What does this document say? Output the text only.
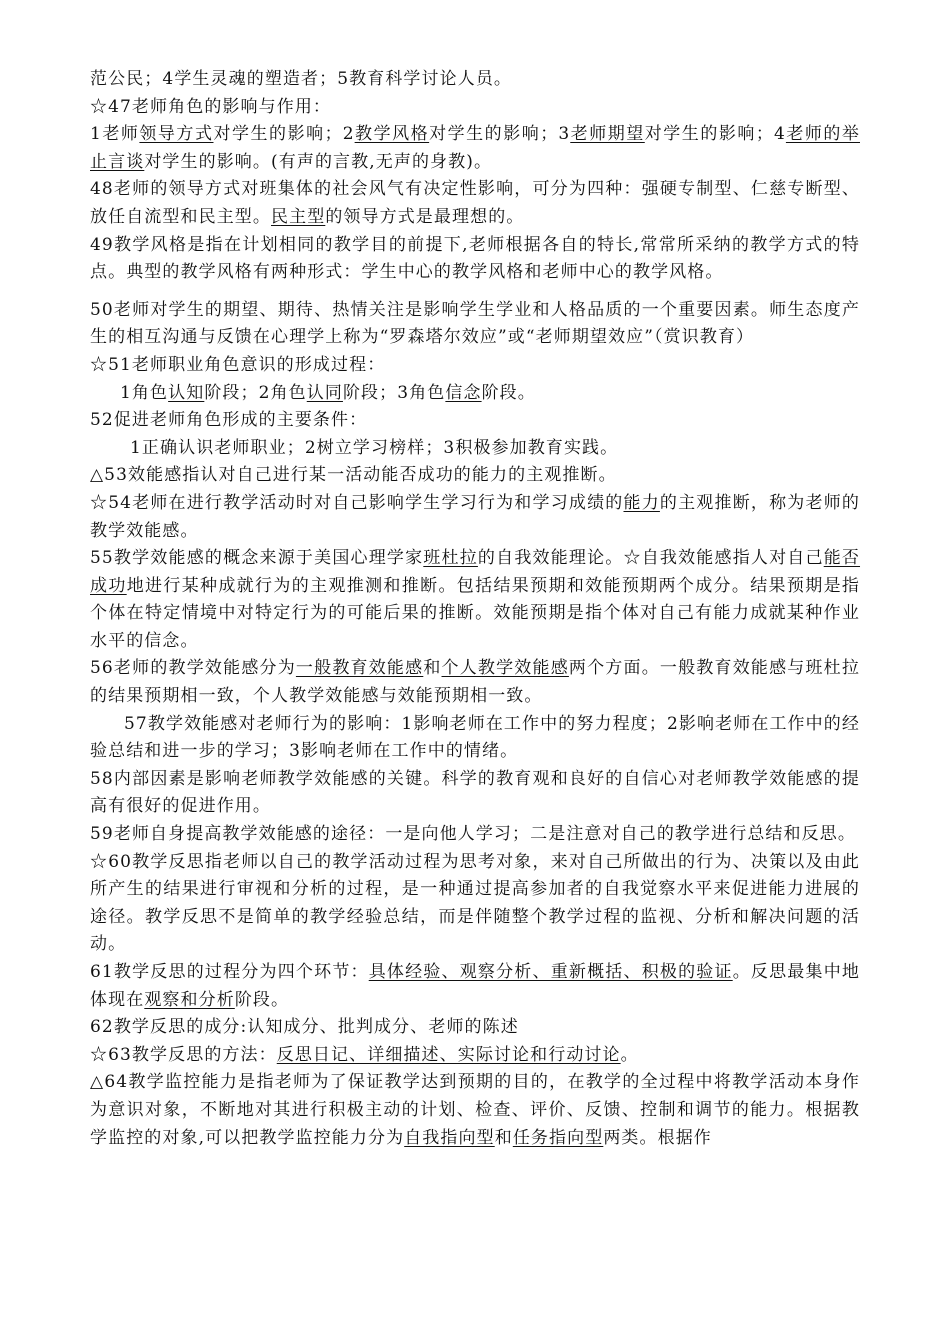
范公民；4学生灵魂的塑造者；5教育科学讨论人员。

☆47老师角色的影响与作用：

1老师领导方式对学生的影响；2教学风格对学生的影响；3老师期望对学生的影响；4老师的举止言谈对学生的影响。(有声的言教,无声的身教)。

48老师的领导方式对班集体的社会风气有决定性影响，可分为四种：强硬专制型、仁慈专断型、放任自流型和民主型。民主型的领导方式是最理想的。

49教学风格是指在计划相同的教学目的前提下,老师根据各自的特长,常常所采纳的教学方式的特点。典型的教学风格有两种形式：学生中心的教学风格和老师中心的教学风格。

50老师对学生的期望、期待、热情关注是影响学生学业和人格品质的一个重要因素。师生态度产生的相互沟通与反馈在心理学上称为“罗森塔尔效应”或“老师期望效应”（赏识教育）

☆51老师职业角色意识的形成过程：

1角色认知阶段；2角色认同阶段；3角色信念阶段。

52促进老师角色形成的主要条件：

1正确认识老师职业；2树立学习榜样；3积极参加教育实践。

△53效能感指认对自己进行某一活动能否成功的能力的主观推断。

☆54老师在进行教学活动时对自己影响学生学习行为和学习成绩的能力的主观推断，称为老师的教学效能感。

55教学效能感的概念来源于美国心理学家班杜拉的自我效能理论。☆自我效能感指人对自己能否成功地进行某种成就行为的主观推测和推断。包括结果预期和效能预期两个成分。结果预期是指个体在特定情境中对特定行为的可能后果的推断。效能预期是指个体对自己有能力成就某种作业水平的信念。

56老师的教学效能感分为一般教育效能感和个人教学效能感两个方面。一般教育效能感与班杜拉的结果预期相一致，个人教学效能感与效能预期相一致。

57教学效能感对老师行为的影响：1影响老师在工作中的努力程度；2影响老师在工作中的经验总结和进一步的学习；3影响老师在工作中的情绪。

58内部因素是影响老师教学效能感的关键。科学的教育观和良好的自信心对老师教学效能感的提高有很好的促进作用。

59老师自身提高教学效能感的途径：一是向他人学习；二是注意对自己的教学进行总结和反思。

☆60教学反思指老师以自己的教学活动过程为思考对象，来对自己所做出的行为、决策以及由此所产生的结果进行审视和分析的过程，是一种通过提高参加者的自我觉察水平来促进能力进展的途径。教学反思不是简单的教学经验总结，而是伴随整个教学过程的监视、分析和解决问题的活动。

61教学反思的过程分为四个环节：具体经验、观察分析、重新概括、积极的验证。反思最集中地体现在观察和分析阶段。

62教学反思的成分:认知成分、批判成分、老师的陈述

☆63教学反思的方法：反思日记、详细描述、实际讨论和行动讨论。

△64教学监控能力是指老师为了保证教学达到预期的目的，在教学的全过程中将教学活动本身作为意识对象，不断地对其进行积极主动的计划、检查、评价、反馈、控制和调节的能力。根据教学监控的对象,可以把教学监控能力分为自我指向型和任务指向型两类。根据作
